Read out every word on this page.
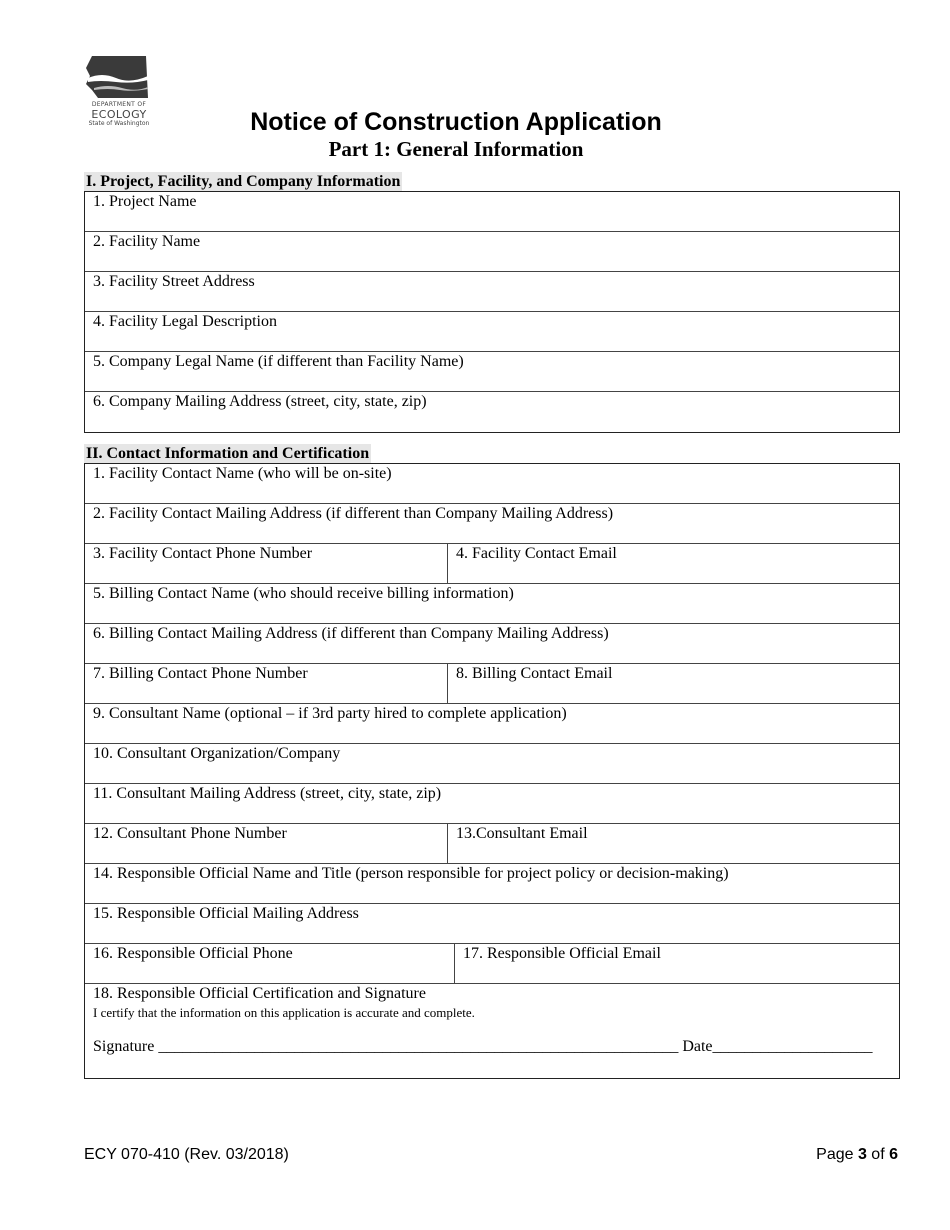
DEPARTMENT OF
ECOLOGY
State of Washington	Notice of Construction Application
Part 1: General Information
I. Project, Facility, and Company Information
1. Project Name
2. Facility Name
3. Facility Street Address
4. Facility Legal Description
5. Company Legal Name (if different than Facility Name)
6. Company Mailing Address (street, city, state, zip)
II. Contact Information and Certification
1. Facility Contact Name (who will be on-site)
2. Facility Contact Mailing Address (if different than Company Mailing Address)
3. Facility Contact Phone Number	4. Facility Contact Email
5. Billing Contact Name (who should receive billing information)
6. Billing Contact Mailing Address (if different than Company Mailing Address)
7. Billing Contact Phone Number	8. Billing Contact Email
9. Consultant Name (optional – if 3rd party hired to complete application)
10. Consultant Organization/Company
11. Consultant Mailing Address (street, city, state, zip)
12. Consultant Phone Number	13.Consultant Email
14. Responsible Official Name and Title (person responsible for project policy or decision-making)
15. Responsible Official Mailing Address
16. Responsible Official Phone	17. Responsible Official Email
18. Responsible Official Certification and Signature
I certify that the information on this application is accurate and complete.
Signature _________________________________________________________________ Date____________________
ECY 070-410 (Rev. 03/2018)	Page 3 of 6
